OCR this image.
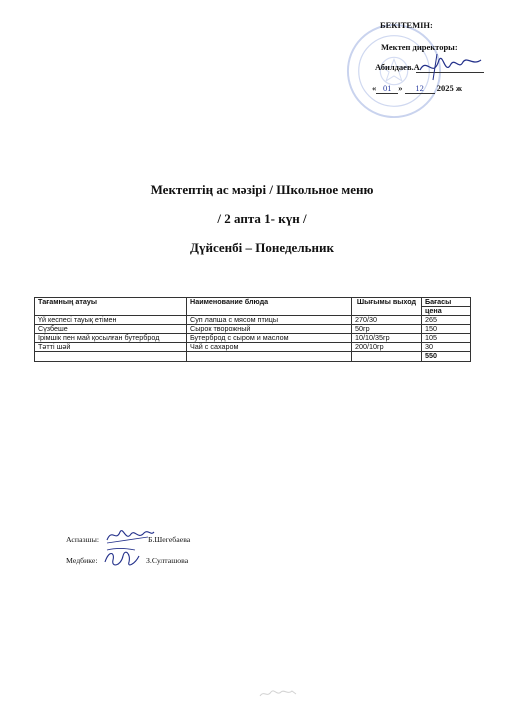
БЕКІТЕМІН:
Мектеп директоры:
Абилдаев.А
« 01 » 12 2025 ж
Мектептің ас мәзірі / Школьное меню
/ 2 апта 1- күн /
Дүйсенбі – Понедельник
Тағамның атауы	Наименование блюда	Шығымы выход	Бағасы
			цена
Үй кеспесі тауық етімен	Суп лапша с мясом птицы	270/30	265
Сүзбеше	Сырок творожный	50гр	150
Ірімшік пен май қосылған бутерброд	Бутерброд с сыром и маслом	10/10/35гр	105
Тәтті шәй	Чай с сахаром	200/10гр	30
			550
Аспазшы:	Б.Шегебаева
Медбике:	З.Султашова
